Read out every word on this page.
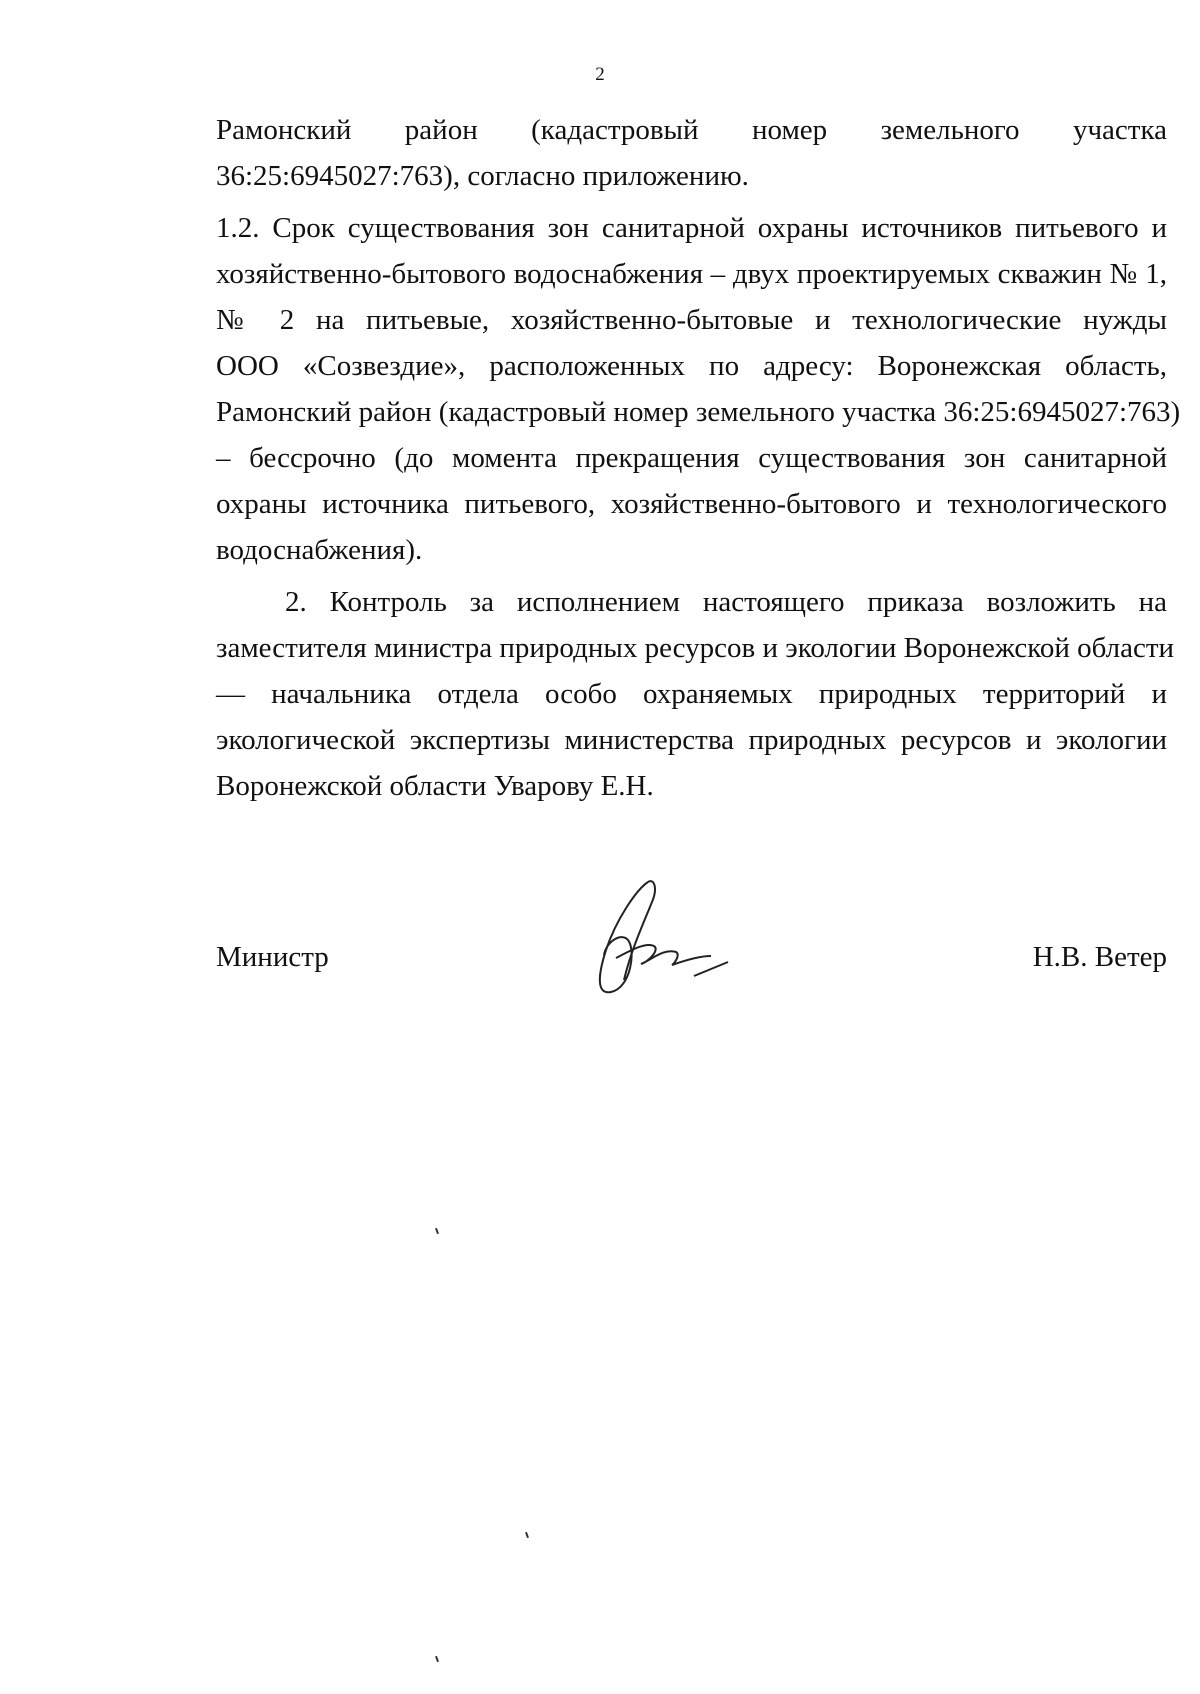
2
Рамонский район (кадастровый номер земельного участка
36:25:6945027:763), согласно приложению.
1.2. Срок существования зон санитарной охраны источников питьевого и
хозяйственно-бытового водоснабжения – двух проектируемых скважин № 1,
№ 2 на питьевые, хозяйственно-бытовые и технологические нужды
ООО «Созвездие», расположенных по адресу: Воронежская область,
Рамонский район (кадастровый номер земельного участка 36:25:6945027:763)
– бессрочно (до момента прекращения существования зон санитарной
охраны источника питьевого, хозяйственно-бытового и технологического
водоснабжения).
2. Контроль за исполнением настоящего приказа возложить на
заместителя министра природных ресурсов и экологии Воронежской области
— начальника отдела особо охраняемых природных территорий и
экологической экспертизы министерства природных ресурсов и экологии
Воронежской области Уварову Е.Н.
Министр	Н.В. Ветер
